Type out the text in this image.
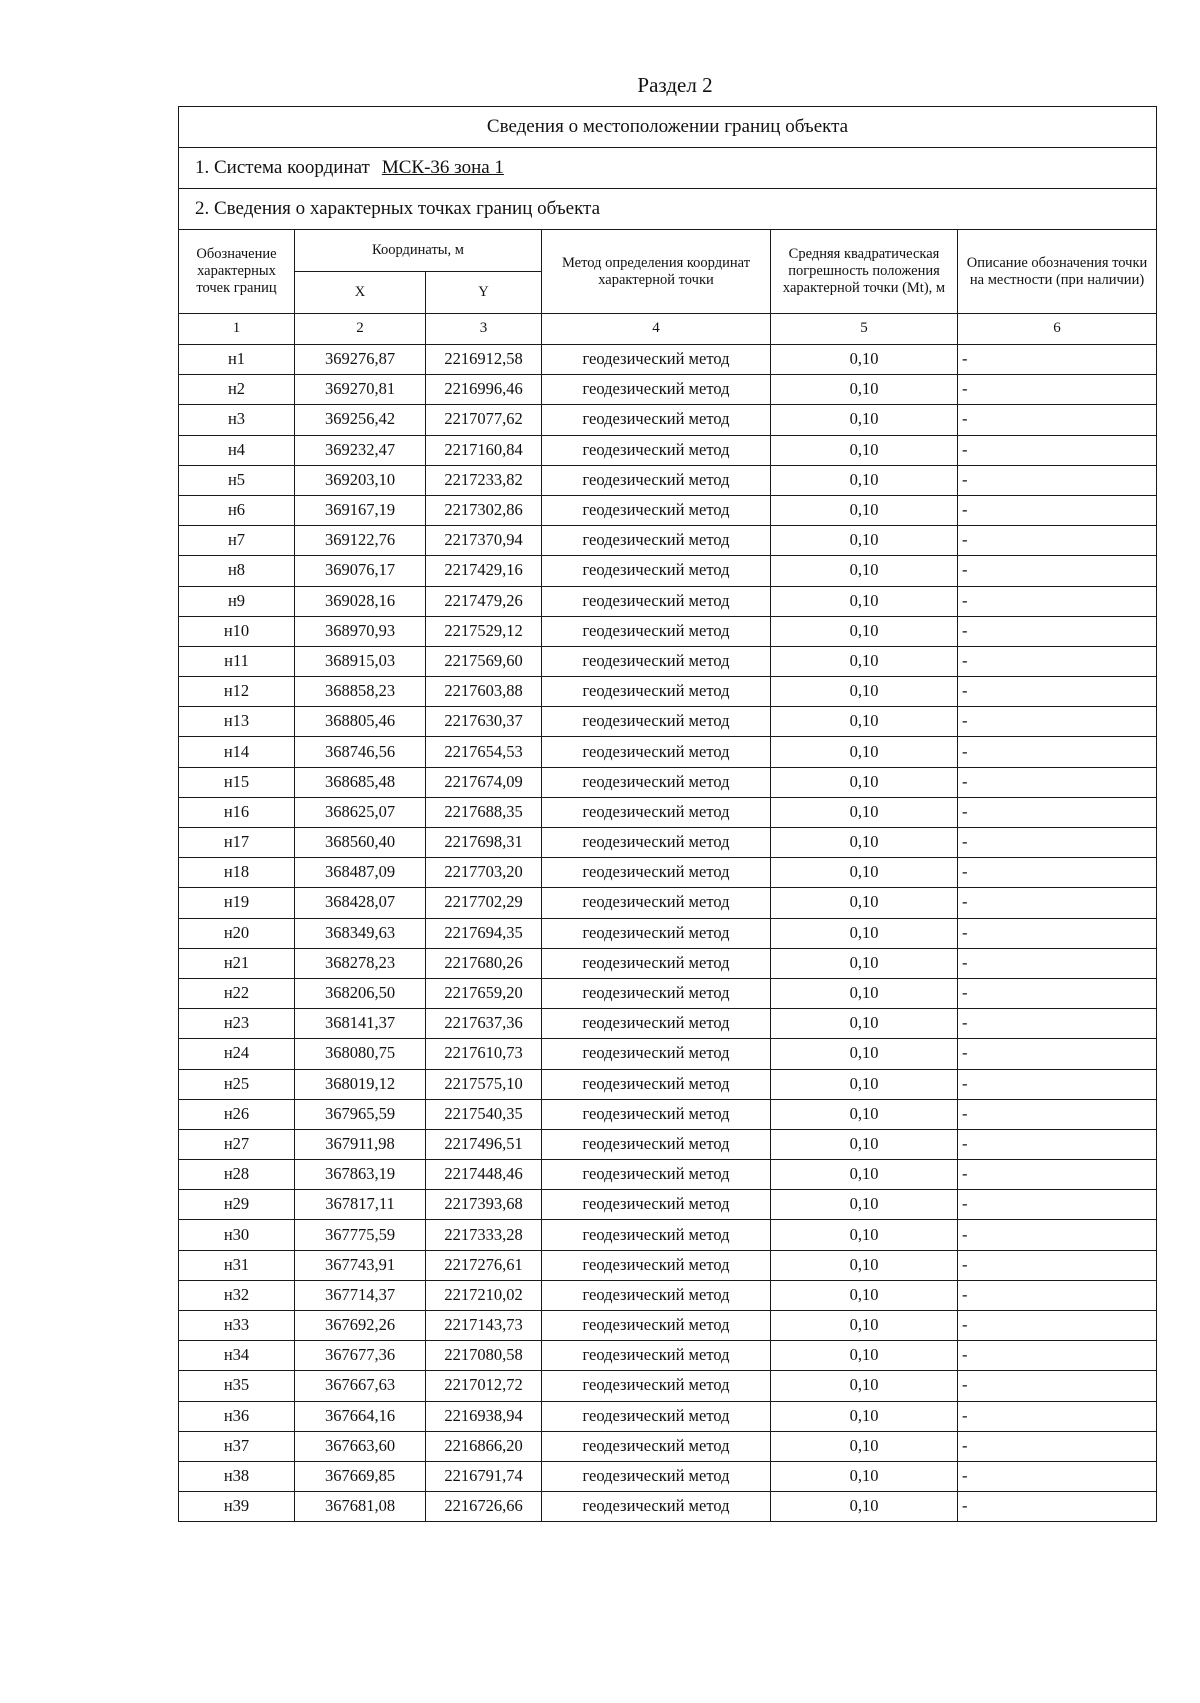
Раздел 2
Сведения о местоположении границ объекта					
1. Система координат МСК-36 зона 1					
2. Сведения о характерных точках границ объекта					
Обозначение характерных точек границ	Координаты, м		Метод определения координат характерной точки	Средняя квадратическая погрешность положения характерной точки (Mt), м	Описание обозначения точки на местности (при наличии)
	X	Y			
1	2	3	4	5	6
н1	369276,87	2216912,58	геодезический метод	0,10	-
н2	369270,81	2216996,46	геодезический метод	0,10	-
н3	369256,42	2217077,62	геодезический метод	0,10	-
н4	369232,47	2217160,84	геодезический метод	0,10	-
н5	369203,10	2217233,82	геодезический метод	0,10	-
н6	369167,19	2217302,86	геодезический метод	0,10	-
н7	369122,76	2217370,94	геодезический метод	0,10	-
н8	369076,17	2217429,16	геодезический метод	0,10	-
н9	369028,16	2217479,26	геодезический метод	0,10	-
н10	368970,93	2217529,12	геодезический метод	0,10	-
н11	368915,03	2217569,60	геодезический метод	0,10	-
н12	368858,23	2217603,88	геодезический метод	0,10	-
н13	368805,46	2217630,37	геодезический метод	0,10	-
н14	368746,56	2217654,53	геодезический метод	0,10	-
н15	368685,48	2217674,09	геодезический метод	0,10	-
н16	368625,07	2217688,35	геодезический метод	0,10	-
н17	368560,40	2217698,31	геодезический метод	0,10	-
н18	368487,09	2217703,20	геодезический метод	0,10	-
н19	368428,07	2217702,29	геодезический метод	0,10	-
н20	368349,63	2217694,35	геодезический метод	0,10	-
н21	368278,23	2217680,26	геодезический метод	0,10	-
н22	368206,50	2217659,20	геодезический метод	0,10	-
н23	368141,37	2217637,36	геодезический метод	0,10	-
н24	368080,75	2217610,73	геодезический метод	0,10	-
н25	368019,12	2217575,10	геодезический метод	0,10	-
н26	367965,59	2217540,35	геодезический метод	0,10	-
н27	367911,98	2217496,51	геодезический метод	0,10	-
н28	367863,19	2217448,46	геодезический метод	0,10	-
н29	367817,11	2217393,68	геодезический метод	0,10	-
н30	367775,59	2217333,28	геодезический метод	0,10	-
н31	367743,91	2217276,61	геодезический метод	0,10	-
н32	367714,37	2217210,02	геодезический метод	0,10	-
н33	367692,26	2217143,73	геодезический метод	0,10	-
н34	367677,36	2217080,58	геодезический метод	0,10	-
н35	367667,63	2217012,72	геодезический метод	0,10	-
н36	367664,16	2216938,94	геодезический метод	0,10	-
н37	367663,60	2216866,20	геодезический метод	0,10	-
н38	367669,85	2216791,74	геодезический метод	0,10	-
н39	367681,08	2216726,66	геодезический метод	0,10	-
